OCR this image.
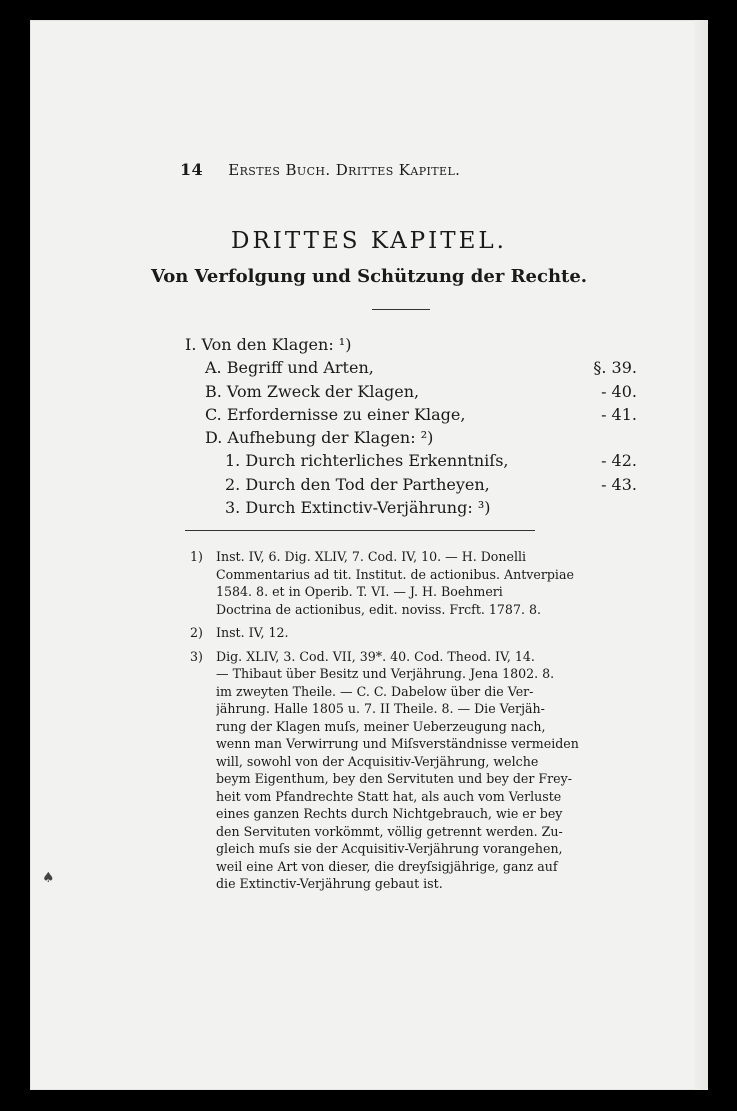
14 Erstes Buch. Drittes Kapitel.
DRITTES KAPITEL.
Von Verfolgung und Schützung der Rechte.
I. Von den Klagen: ¹)
A. Begriff und Arten,	§. 39.
B. Vom Zweck der Klagen,	- 40.
C. Erfordernisse zu einer Klage,	- 41.
D. Aufhebung der Klagen: ²)
1. Durch richterliches Erkenntniſs,	- 42.
2. Durch den Tod der Partheyen,	- 43.
3. Durch Extinctiv-Verjährung: ³)
1)	Inst. IV, 6. Dig. XLIV, 7. Cod. IV, 10. — H. Donelli
Commentarius ad tit. Institut. de actionibus. Antverpiae
1584. 8. et in Operib. T. VI. — J. H. Boehmeri
Doctrina de actionibus, edit. noviss. Frcft. 1787. 8.
2)	Inst. IV, 12.
3)	Dig. XLIV, 3. Cod. VII, 39*. 40. Cod. Theod. IV, 14.
— Thibaut über Besitz und Verjährung. Jena 1802. 8.
im zweyten Theile. — C. C. Dabelow über die Ver-
jährung. Halle 1805 u. 7. II Theile. 8. — Die Verjäh-
rung der Klagen muſs, meiner Ueberzeugung nach,
wenn man Verwirrung und Miſsverständnisse vermeiden
will, sowohl von der Acquisitiv-Verjährung, welche
beym Eigenthum, bey den Servituten und bey der Frey-
heit vom Pfandrechte Statt hat, als auch vom Verluste
eines ganzen Rechts durch Nichtgebrauch, wie er bey
den Servituten vorkömmt, völlig getrennt werden. Zu-
gleich muſs sie der Acquisitiv-Verjährung vorangehen,
weil eine Art von dieser, die dreyſsigjährige, ganz auf
die Extinctiv-Verjährung gebaut ist.
♠
